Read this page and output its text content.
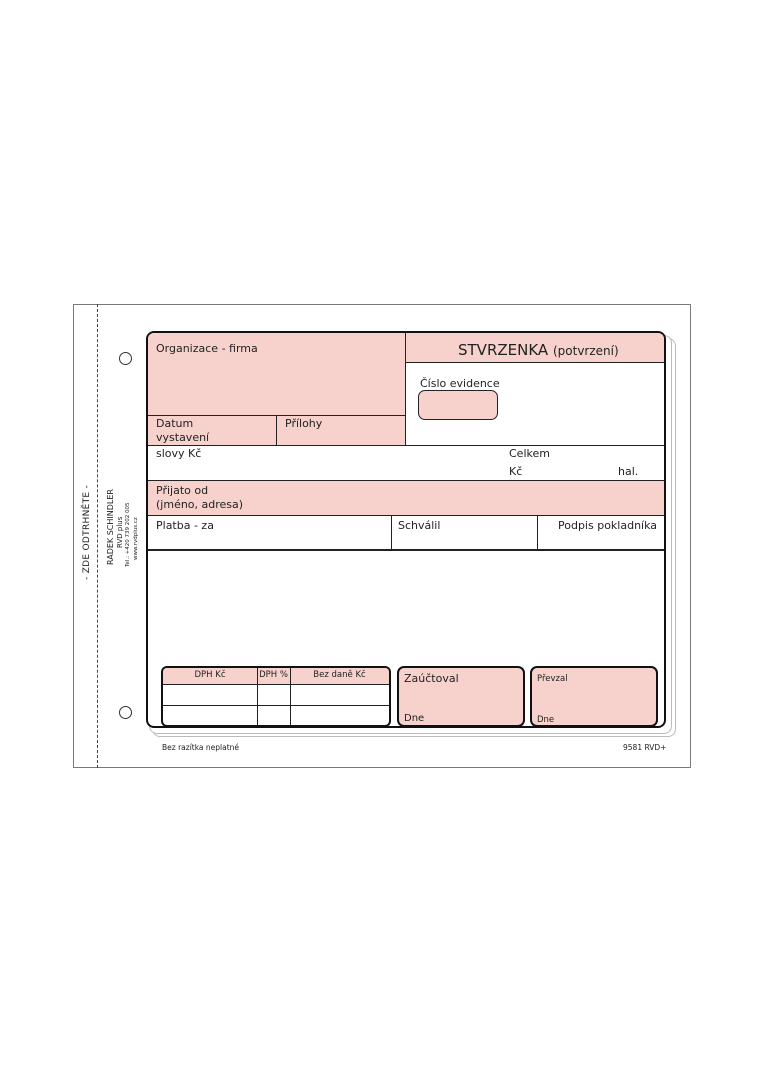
- ZDE ODTRHNĚTE - RADEK SCHINDLER RVD plus Tel.: +420 739 202 005 www.rvdplus.cz
Organizace - firma	STVRZENKA (potvrzení)
Číslo evidence
Datum
vystavení
Přílohy
slovy Kč	Celkem
Kč	hal.
Přijato od
(jméno, adresa)
Platba - za	Schválil	Podpis pokladníka
DPH Kč	DPH %	Bez daně Kč	Zaúčtoval
Dne
Převzal
Dne
Bez razítka neplatné	9581 RVD+
